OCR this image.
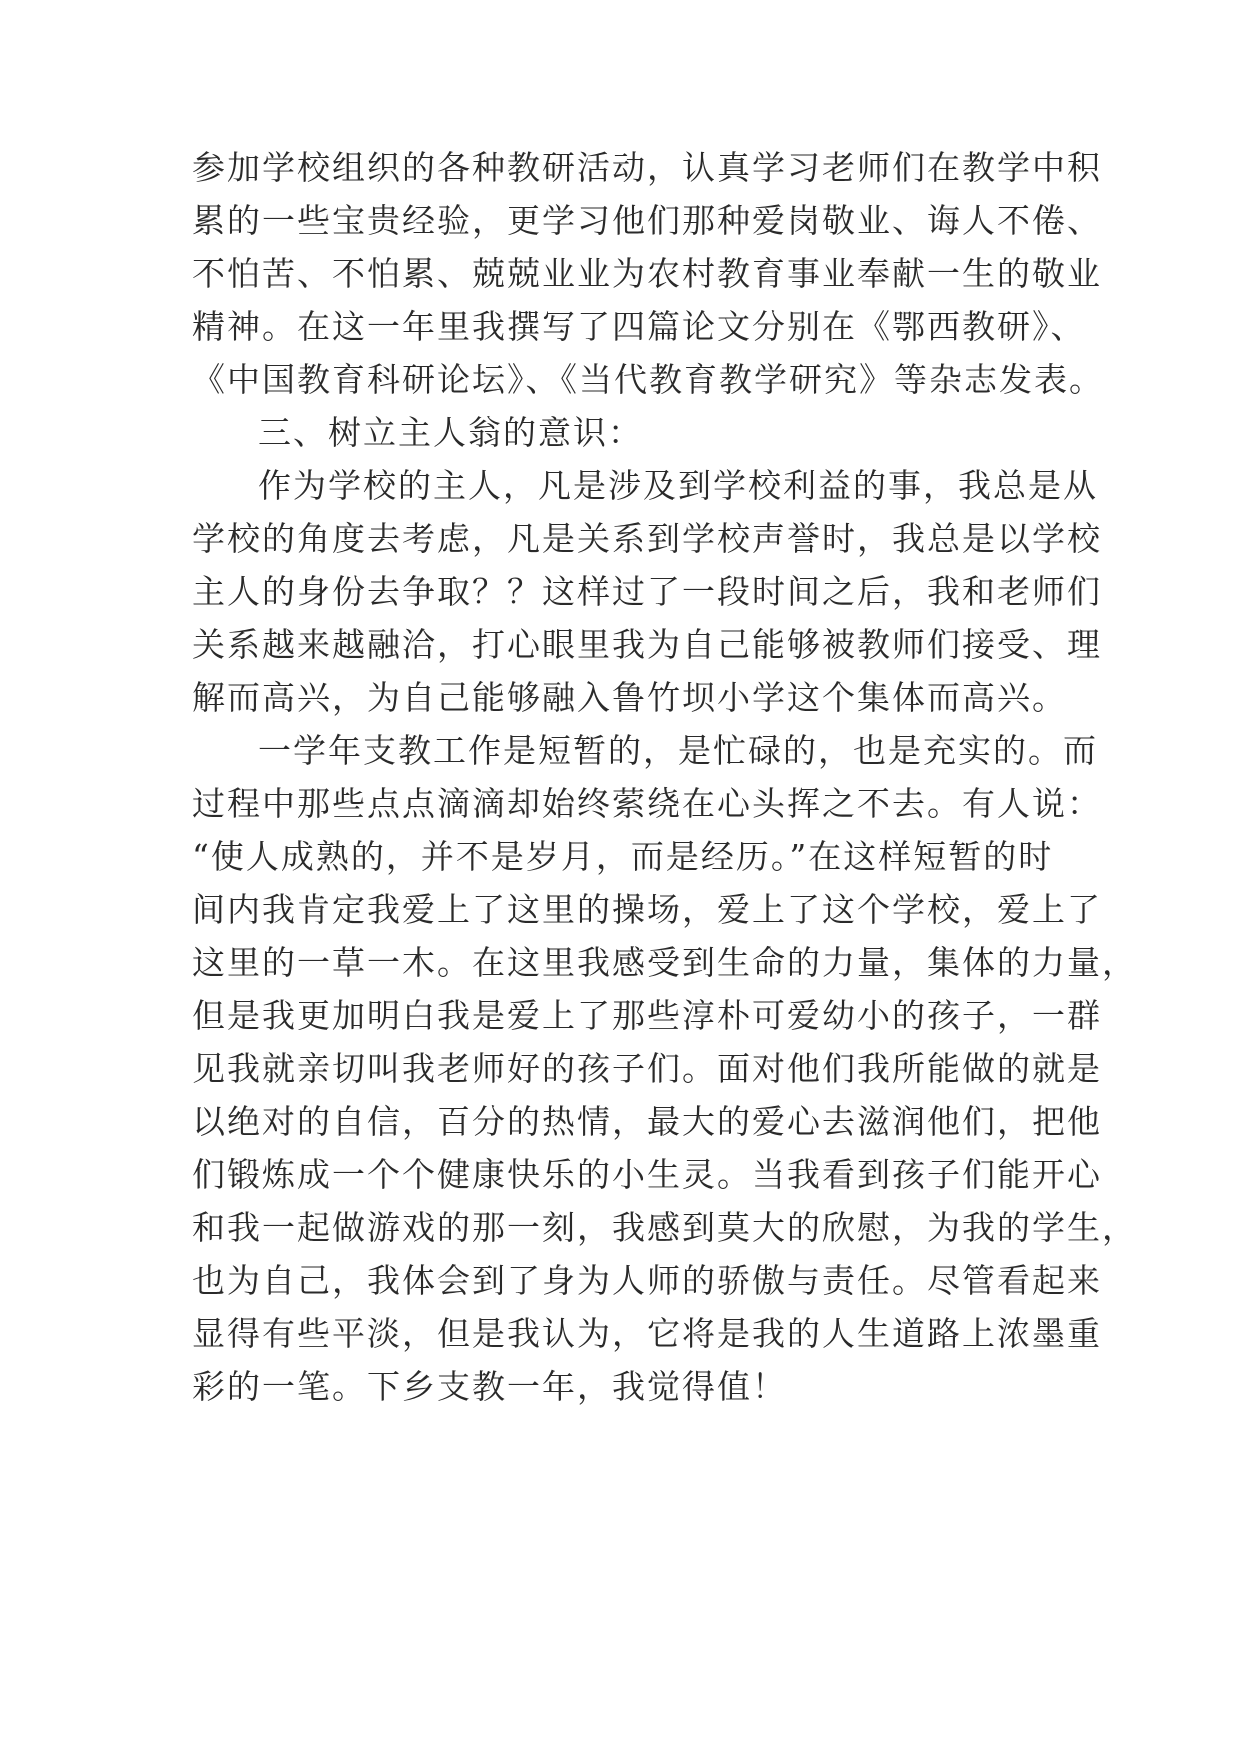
参加学校组织的各种教研活动，认真学习老师们在教学中积
累的一些宝贵经验，更学习他们那种爱岗敬业、诲人不倦、
不怕苦、不怕累、兢兢业业为农村教育事业奉献一生的敬业
精神。在这一年里我撰写了四篇论文分别在《鄂西教研》、
《中国教育科研论坛》、《当代教育教学研究》等杂志发表。
三、树立主人翁的意识：
作为学校的主人，凡是涉及到学校利益的事，我总是从
学校的角度去考虑，凡是关系到学校声誉时，我总是以学校
主人的身份去争取？？这样过了一段时间之后，我和老师们
关系越来越融洽，打心眼里我为自己能够被教师们接受、理
解而高兴，为自己能够融入鲁竹坝小学这个集体而高兴。
一学年支教工作是短暂的，是忙碌的，也是充实的。而
过程中那些点点滴滴却始终萦绕在心头挥之不去。有人说：
“使人成熟的，并不是岁月，而是经历。”在这样短暂的时
间内我肯定我爱上了这里的操场，爱上了这个学校，爱上了
这里的一草一木。在这里我感受到生命的力量，集体的力量，
但是我更加明白我是爱上了那些淳朴可爱幼小的孩子，一群
见我就亲切叫我老师好的孩子们。面对他们我所能做的就是
以绝对的自信，百分的热情，最大的爱心去滋润他们，把他
们锻炼成一个个健康快乐的小生灵。当我看到孩子们能开心
和我一起做游戏的那一刻，我感到莫大的欣慰，为我的学生，
也为自己，我体会到了身为人师的骄傲与责任。尽管看起来
显得有些平淡，但是我认为，它将是我的人生道路上浓墨重
彩的一笔。下乡支教一年，我觉得值！
